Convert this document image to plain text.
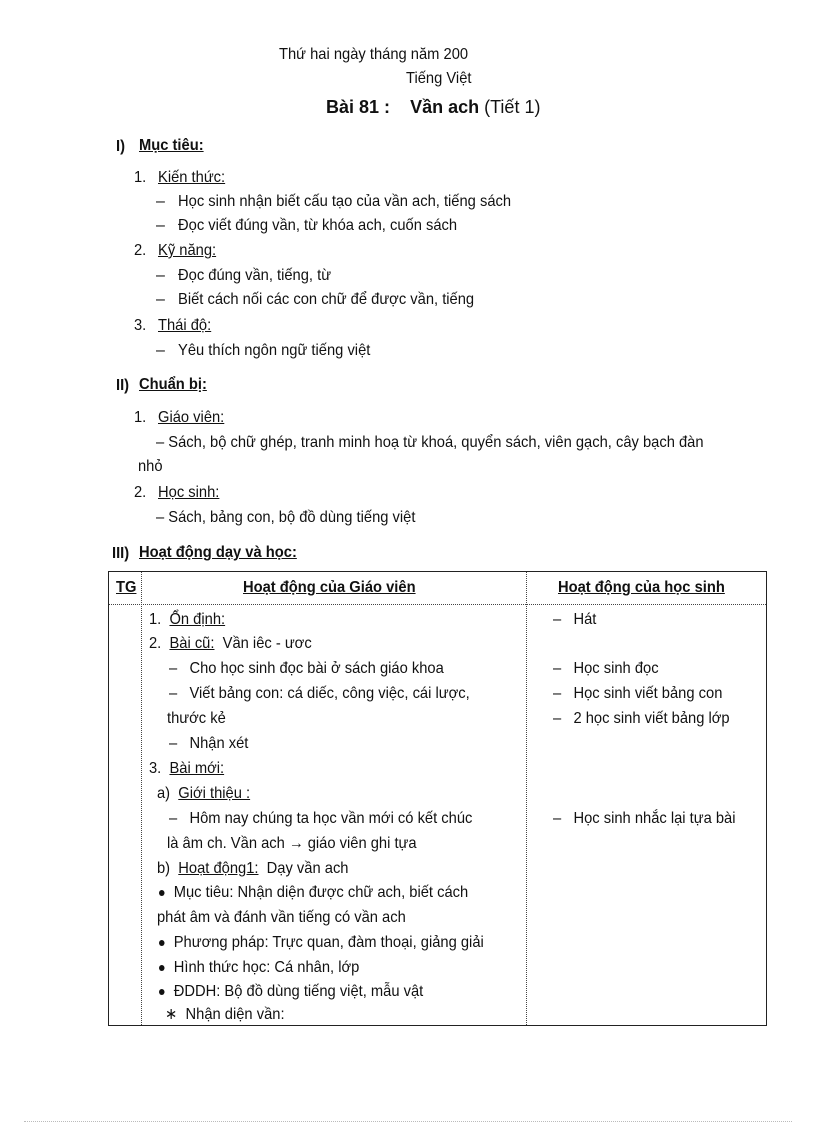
Thứ hai ngày tháng năm 200
Tiếng Việt
Bài 81 : Vần ach (Tiết 1)
I) Mục tiêu:
1. Kiến thức:
– Học sinh nhận biết cấu tạo của vần ach, tiếng sách
– Đọc viết đúng vần, từ khóa ach, cuốn sách
2. Kỹ năng:
– Đọc đúng vần, tiếng, từ
– Biết cách nối các con chữ để được vần, tiếng
3. Thái độ:
– Yêu thích ngôn ngữ tiếng việt
II) Chuẩn bị:
1. Giáo viên:
– Sách, bộ chữ ghép, tranh minh hoạ từ khoá, quyển sách, viên gạch, cây bạch đàn
nhỏ
2. Học sinh:
– Sách, bảng con, bộ đồ dùng tiếng việt
III) Hoạt động dạy và học:
TG	Hoạt động của Giáo viên	Hoạt động của học sinh
1. Ổn định:
2. Bài cũ: Vần iêc - ươc
–   Cho học sinh đọc bài ở sách giáo khoa
–   Viết bảng con: cá diếc, công việc, cái lược,
thước kẻ
–   Nhận xét
3. Bài mới:
a) Giới thiệu :
–   Hôm nay chúng ta học vần mới có kết chúc
là âm ch. Vần ach → giáo viên ghi tựa
b) Hoạt động1: Dạy vần ach
Mục tiêu: Nhận diện được chữ ach, biết cách
phát âm và đánh vần tiếng có vần ach
Phương pháp: Trực quan, đàm thoại, giảng giải
Hình thức học: Cá nhân, lớp
ĐDDH: Bộ đồ dùng tiếng việt, mẫu vật
∗ Nhận diện vần:
–   Hát
–   Học sinh đọc
–   Học sinh viết bảng con
–   2 học sinh viết bảng lớp
–   Học sinh nhắc lại tựa bài
